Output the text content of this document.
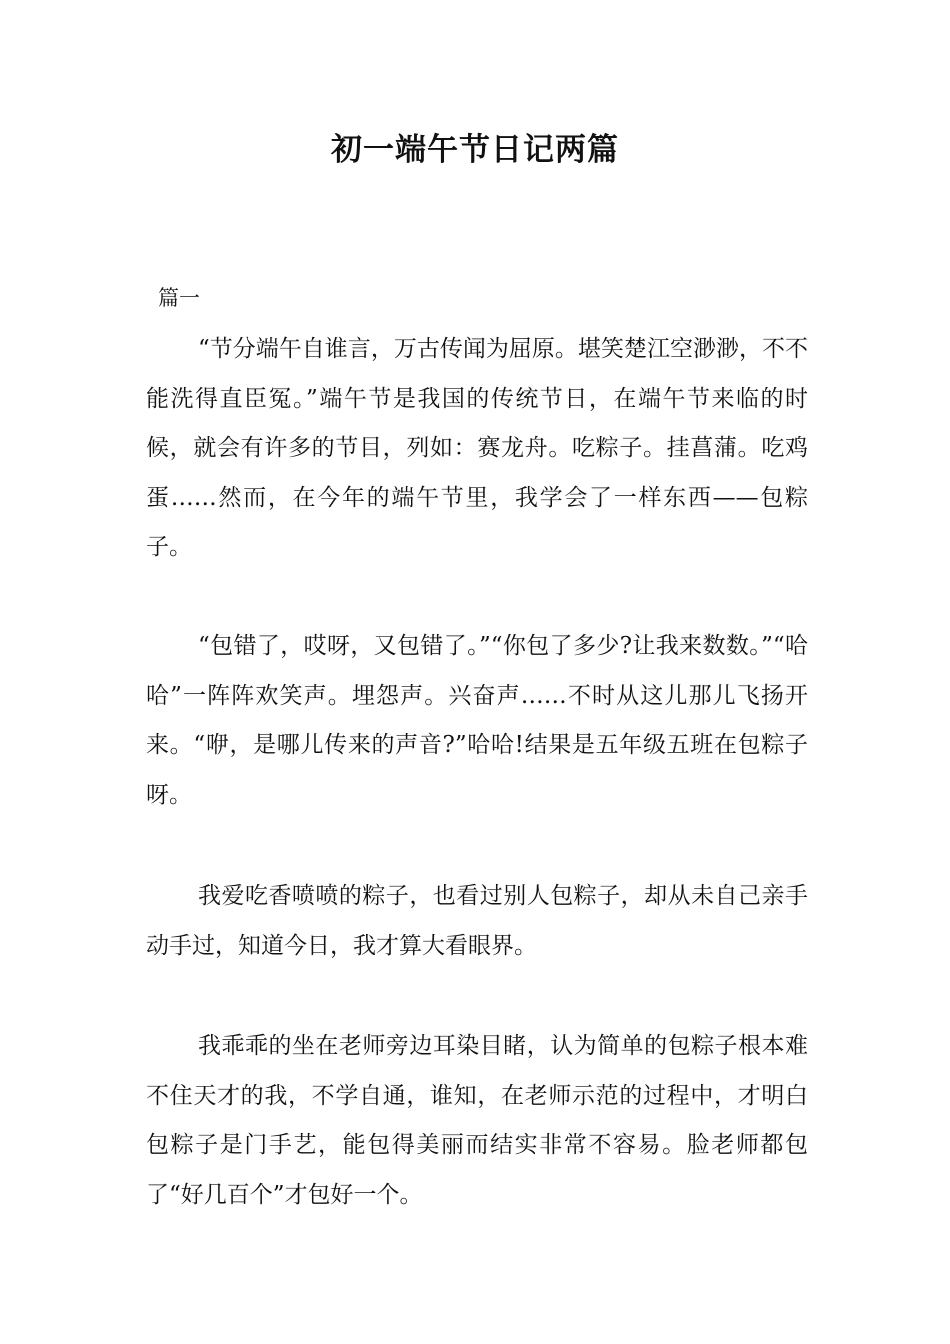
初一端午节日记两篇
篇一

“节分端午自谁言，万古传闻为屈原。堪笑楚江空渺渺，不不能洗得直臣冤。”端午节是我国的传统节日，在端午节来临的时候，就会有许多的节目，列如：赛龙舟。吃粽子。挂菖蒲。吃鸡蛋……然而，在今年的端午节里，我学会了一样东西——包粽子。

“包错了，哎呀，又包错了。”“你包了多少?让我来数数。”“哈哈”一阵阵欢笑声。埋怨声。兴奋声……不时从这儿那儿飞扬开来。“咿，是哪儿传来的声音?”哈哈!结果是五年级五班在包粽子呀。

我爱吃香喷喷的粽子，也看过别人包粽子，却从未自己亲手动手过，知道今日，我才算大看眼界。

我乖乖的坐在老师旁边耳染目睹，认为简单的包粽子根本难不住天才的我，不学自通，谁知，在老师示范的过程中，才明白包粽子是门手艺，能包得美丽而结实非常不容易。脸老师都包了“好几百个”才包好一个。
